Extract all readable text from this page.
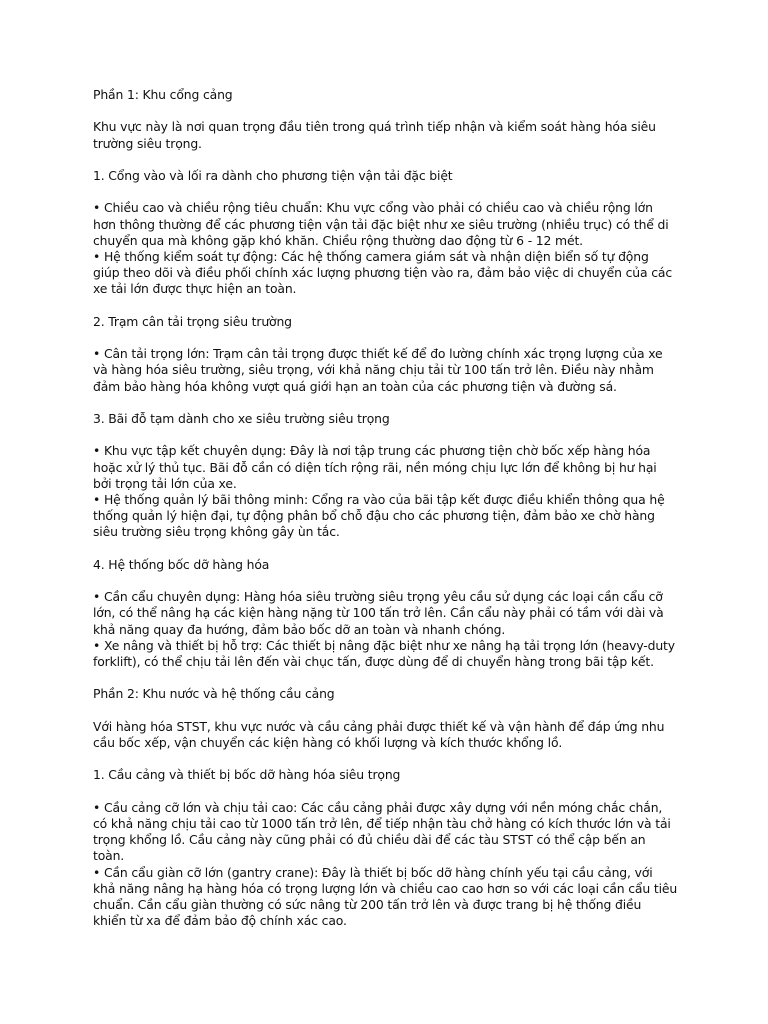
Phần 1: Khu cổng cảng

Khu vực này là nơi quan trọng đầu tiên trong quá trình tiếp nhận và kiểm soát hàng hóa siêu trường siêu trọng.

1. Cổng vào và lối ra dành cho phương tiện vận tải đặc biệt

• Chiều cao và chiều rộng tiêu chuẩn: Khu vực cổng vào phải có chiều cao và chiều rộng lớn hơn thông thường để các phương tiện vận tải đặc biệt như xe siêu trường (nhiều trục) có thể di chuyển qua mà không gặp khó khăn. Chiều rộng thường dao động từ 6 - 12 mét.

• Hệ thống kiểm soát tự động: Các hệ thống camera giám sát và nhận diện biển số tự động giúp theo dõi và điều phối chính xác lượng phương tiện vào ra, đảm bảo việc di chuyển của các xe tải lớn được thực hiện an toàn.

2. Trạm cân tải trọng siêu trường

• Cân tải trọng lớn: Trạm cân tải trọng được thiết kế để đo lường chính xác trọng lượng của xe và hàng hóa siêu trường, siêu trọng, với khả năng chịu tải từ 100 tấn trở lên. Điều này nhằm đảm bảo hàng hóa không vượt quá giới hạn an toàn của các phương tiện và đường sá.

3. Bãi đỗ tạm dành cho xe siêu trường siêu trọng

• Khu vực tập kết chuyên dụng: Đây là nơi tập trung các phương tiện chờ bốc xếp hàng hóa hoặc xử lý thủ tục. Bãi đỗ cần có diện tích rộng rãi, nền móng chịu lực lớn để không bị hư hại bởi trọng tải lớn của xe.

• Hệ thống quản lý bãi thông minh: Cổng ra vào của bãi tập kết được điều khiển thông qua hệ thống quản lý hiện đại, tự động phân bổ chỗ đậu cho các phương tiện, đảm bảo xe chờ hàng siêu trường siêu trọng không gây ùn tắc.

4. Hệ thống bốc dỡ hàng hóa

• Cần cẩu chuyên dụng: Hàng hóa siêu trường siêu trọng yêu cầu sử dụng các loại cần cẩu cỡ lớn, có thể nâng hạ các kiện hàng nặng từ 100 tấn trở lên. Cần cẩu này phải có tầm với dài và khả năng quay đa hướng, đảm bảo bốc dỡ an toàn và nhanh chóng.

• Xe nâng và thiết bị hỗ trợ: Các thiết bị nâng đặc biệt như xe nâng hạ tải trọng lớn (heavy-duty forklift), có thể chịu tải lên đến vài chục tấn, được dùng để di chuyển hàng trong bãi tập kết.

Phần 2: Khu nước và hệ thống cầu cảng

Với hàng hóa STST, khu vực nước và cầu cảng phải được thiết kế và vận hành để đáp ứng nhu cầu bốc xếp, vận chuyển các kiện hàng có khối lượng và kích thước khổng lồ.

1. Cầu cảng và thiết bị bốc dỡ hàng hóa siêu trọng

• Cầu cảng cỡ lớn và chịu tải cao: Các cầu cảng phải được xây dựng với nền móng chắc chắn, có khả năng chịu tải cao từ 1000 tấn trở lên, để tiếp nhận tàu chở hàng có kích thước lớn và tải trọng khổng lồ. Cầu cảng này cũng phải có đủ chiều dài để các tàu STST có thể cập bến an toàn.

• Cần cẩu giàn cỡ lớn (gantry crane): Đây là thiết bị bốc dỡ hàng chính yếu tại cầu cảng, với khả năng nâng hạ hàng hóa có trọng lượng lớn và chiều cao cao hơn so với các loại cần cẩu tiêu chuẩn. Cần cẩu giàn thường có sức nâng từ 200 tấn trở lên và được trang bị hệ thống điều khiển từ xa để đảm bảo độ chính xác cao.
